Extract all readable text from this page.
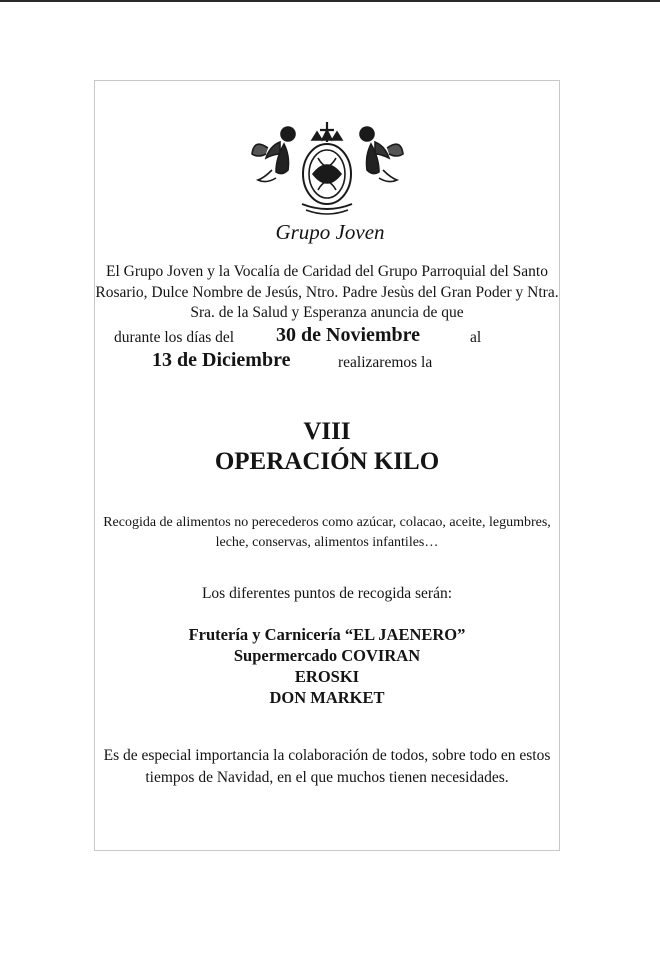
Grupo Joven
El Grupo Joven y la Vocalía de Caridad del Grupo Parroquial del Santo Rosario, Dulce Nombre de Jesús, Ntro. Padre Jesùs del Gran Poder y Ntra. Sra. de la Salud y Esperanza anuncia de que
durante los días del 30 de Noviembre	al
13 de Diciembre	realizaremos la
VIII
OPERACIÓN KILO
Recogida de alimentos no perecederos como azúcar, colacao, aceite, legumbres, leche, conservas, alimentos infantiles…
Los diferentes puntos de recogida serán:
Frutería y Carnicería “EL JAENERO”
Supermercado COVIRAN
EROSKI
DON MARKET
Es de especial importancia la colaboración de todos, sobre todo en estos tiempos de Navidad, en el que muchos tienen necesidades.
